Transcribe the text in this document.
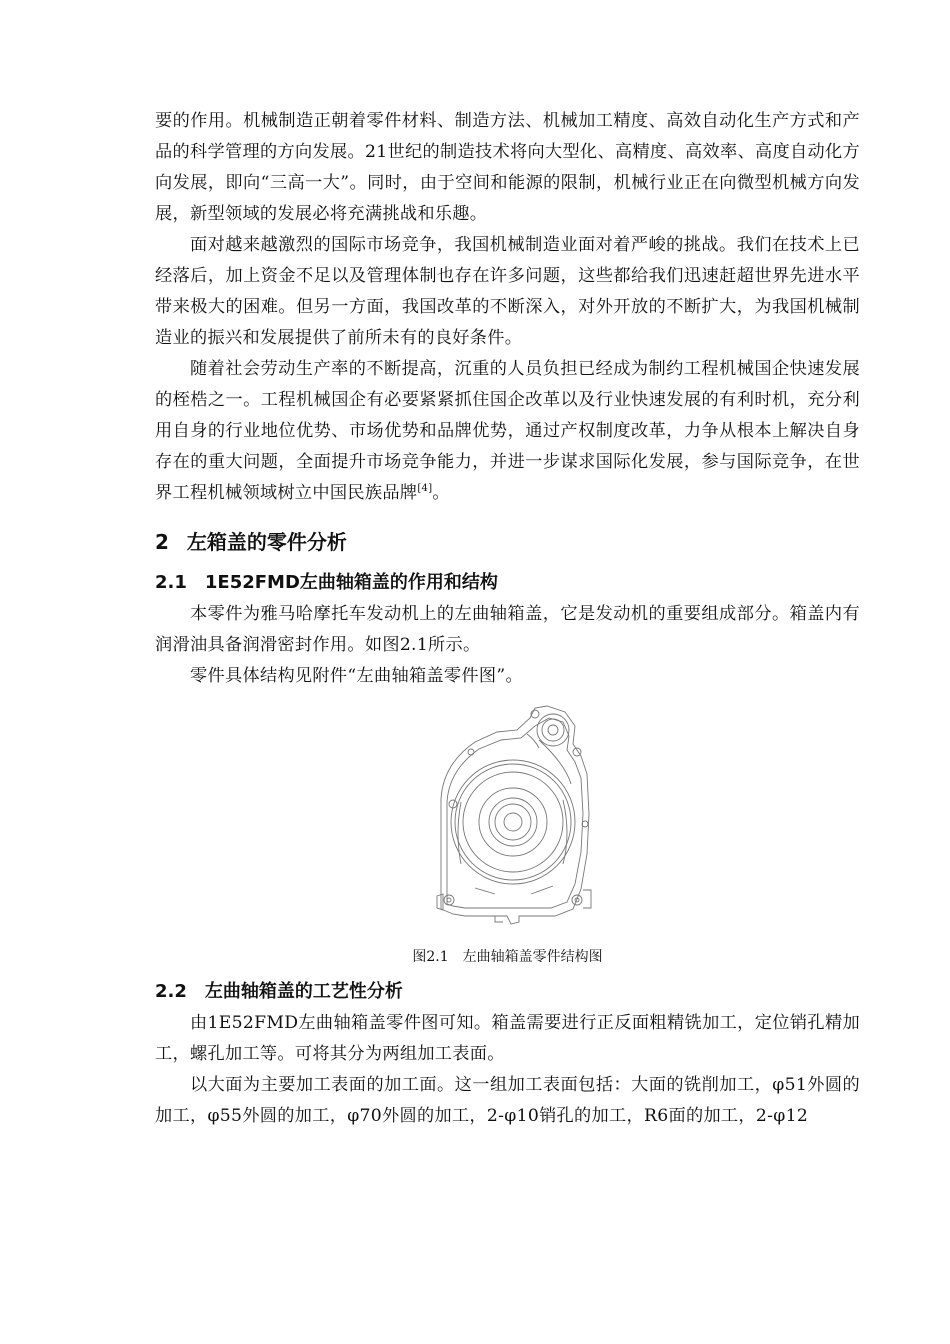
要的作用。机械制造正朝着零件材料、制造方法、机械加工精度、高效自动化生产方式和产品的科学管理的方向发展。21世纪的制造技术将向大型化、高精度、高效率、高度自动化方向发展，即向“三高一大”。同时，由于空间和能源的限制，机械行业正在向微型机械方向发展，新型领域的发展必将充满挑战和乐趣。

面对越来越激烈的国际市场竞争，我国机械制造业面对着严峻的挑战。我们在技术上已经落后，加上资金不足以及管理体制也存在许多问题，这些都给我们迅速赶超世界先进水平带来极大的困难。但另一方面，我国改革的不断深入，对外开放的不断扩大，为我国机械制造业的振兴和发展提供了前所未有的良好条件。

随着社会劳动生产率的不断提高，沉重的人员负担已经成为制约工程机械国企快速发展的桎梏之一。工程机械国企有必要紧紧抓住国企改革以及行业快速发展的有利时机，充分利用自身的行业地位优势、市场优势和品牌优势，通过产权制度改革，力争从根本上解决自身存在的重大问题，全面提升市场竞争能力，并进一步谋求国际化发展，参与国际竞争，在世界工程机械领域树立中国民族品牌[4]。

2 左箱盖的零件分析
2.1 1E52FMD左曲轴箱盖的作用和结构

本零件为雅马哈摩托车发动机上的左曲轴箱盖，它是发动机的重要组成部分。箱盖内有润滑油具备润滑密封作用。如图2.1所示。

零件具体结构见附件“左曲轴箱盖零件图”。

图2.1 左曲轴箱盖零件结构图
2.2 左曲轴箱盖的工艺性分析

由1E52FMD左曲轴箱盖零件图可知。箱盖需要进行正反面粗精铣加工，定位销孔精加工，螺孔加工等。可将其分为两组加工表面。

以大面为主要加工表面的加工面。这一组加工表面包括：大面的铣削加工，φ51外圆的加工，φ55外圆的加工，φ70外圆的加工，2-φ10销孔的加工，R6面的加工，2-φ12
